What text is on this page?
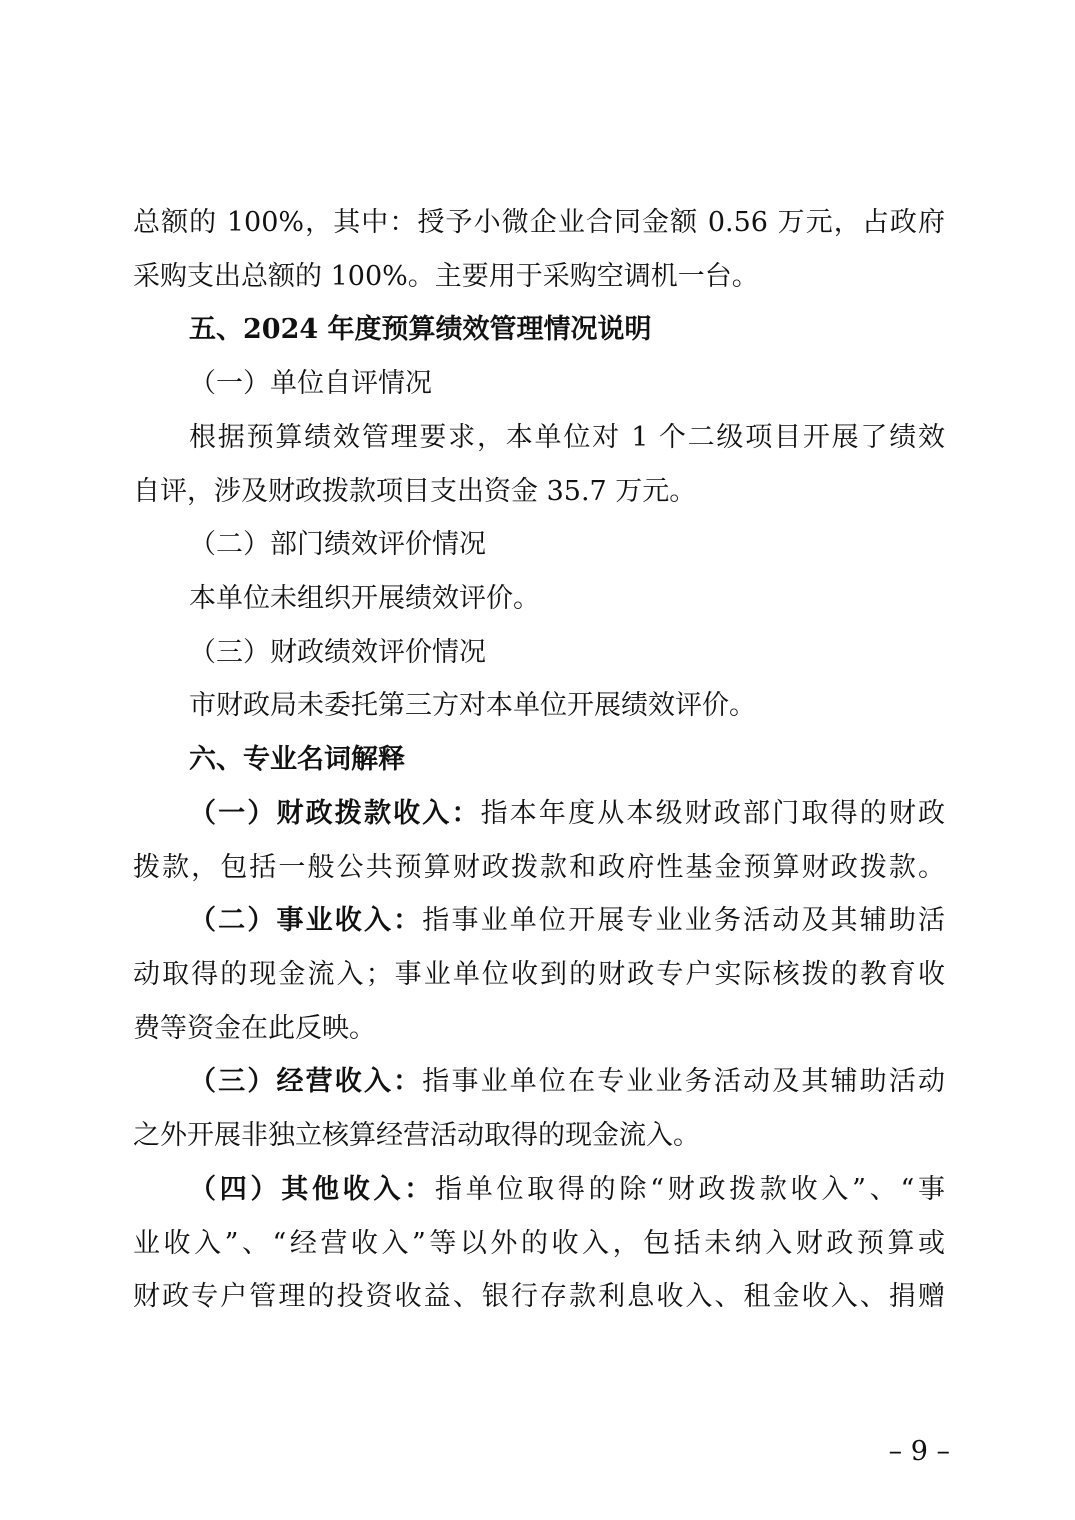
总额的 100%，其中：授予小微企业合同金额 0.56 万元，占政府
采购支出总额的 100%。主要用于采购空调机一台。
五、2024 年度预算绩效管理情况说明
（一）单位自评情况
根据预算绩效管理要求，本单位对 1 个二级项目开展了绩效
自评，涉及财政拨款项目支出资金 35.7 万元。
（二）部门绩效评价情况
本单位未组织开展绩效评价。
（三）财政绩效评价情况
市财政局未委托第三方对本单位开展绩效评价。
六、专业名词解释
（一）财政拨款收入：指本年度从本级财政部门取得的财政
拨款，包括一般公共预算财政拨款和政府性基金预算财政拨款。
（二）事业收入：指事业单位开展专业业务活动及其辅助活
动取得的现金流入；事业单位收到的财政专户实际核拨的教育收
费等资金在此反映。
（三）经营收入：指事业单位在专业业务活动及其辅助活动
之外开展非独立核算经营活动取得的现金流入。
（四）其他收入：指单位取得的除“财政拨款收入”、“事
业收入”、“经营收入”等以外的收入，包括未纳入财政预算或
财政专户管理的投资收益、银行存款利息收入、租金收入、捐赠
– 9 –
